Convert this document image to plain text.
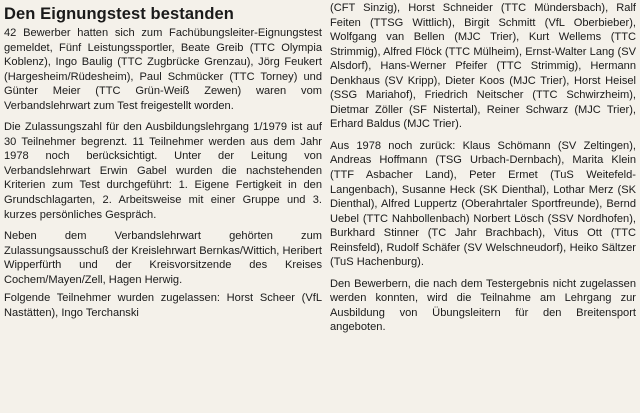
Den Eignungstest bestanden

42 Bewerber hatten sich zum Fachübungsleiter-Eignungstest gemeldet, Fünf Leistungssportler, Beate Greib (TTC Olympia Koblenz), Ingo Baulig (TTC Zugbrücke Grenzau), Jörg Feukert (Hargesheim/Rüdesheim), Paul Schmücker (TTC Torney) und Günter Meier (TTC Grün-Weiß Zewen) waren vom Verbandslehrwart zum Test freigestellt worden.

Die Zulassungszahl für den Ausbildungslehrgang 1/1979 ist auf 30 Teilnehmer begrenzt. 11 Teilnehmer werden aus dem Jahr 1978 noch berücksichtigt. Unter der Leitung von Verbandslehrwart Erwin Gabel wurden die nachstehenden Kriterien zum Test durchgeführt: 1. Eigene Fertigkeit in den Grundschlagarten, 2. Arbeitsweise mit einer Gruppe und 3. kurzes persönliches Gespräch.

Neben dem Verbandslehrwart gehörten zum Zulassungsausschuß der Kreislehrwart Bernkas/Wittich, Heribert Wipperfürth und der Kreisvorsitzende des Kreises Cochem/Mayen/Zell, Hagen Herwig.

Folgende Teilnehmer wurden zugelassen: Horst Scheer (VfL Nastätten), Ingo Terchanski

(CFT Sinzig), Horst Schneider (TTC Mündersbach), Ralf Feiten (TTSG Wittlich), Birgit Schmitt (VfL Oberbieber), Wolfgang van Bellen (MJC Trier), Kurt Wellems (TTC Strimmig), Alfred Flöck (TTC Mülheim), Ernst-Walter Lang (SV Alsdorf), Hans-Werner Pfeifer (TTC Strimmig), Hermann Denkhaus (SV Kripp), Dieter Koos (MJC Trier), Horst Heisel (SSG Mariahof), Friedrich Neitscher (TTC Schwirzheim), Dietmar Zöller (SF Nistertal), Reiner Schwarz (MJC Trier), Erhard Baldus (MJC Trier).

Aus 1978 noch zurück: Klaus Schömann (SV Zeltingen), Andreas Hoffmann (TSG Urbach-Dernbach), Marita Klein (TTF Asbacher Land), Peter Ermet (TuS Weitefeld-Langenbach), Susanne Heck (SK Dienthal), Lothar Merz (SK Dienthal), Alfred Luppertz (Oberahrtaler Sportfreunde), Bernd Uebel (TTC Nahbollenbach) Norbert Lösch (SSV Nordhofen), Burkhard Stinner (TC Jahr Brachbach), Vitus Ott (TTC Reinsfeld), Rudolf Schäfer (SV Welschneudorf), Heiko Sältzer (TuS Hachenburg).

Den Bewerbern, die nach dem Testergebnis nicht zugelassen werden konnten, wird die Teilnahme am Lehrgang zur Ausbildung von Übungsleitern für den Breitensport angeboten.
